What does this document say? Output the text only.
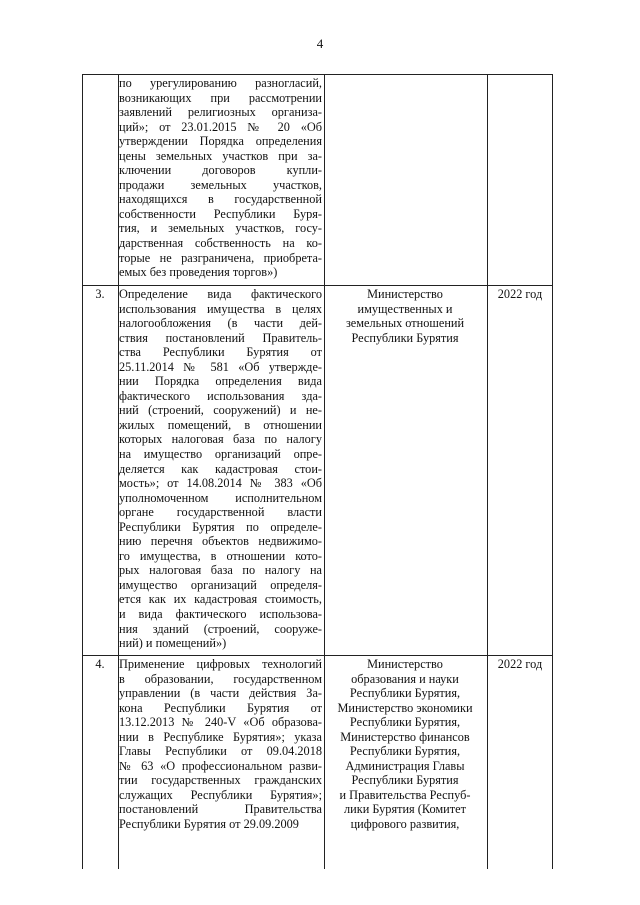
4
по урегулированию разногласий,
возникающих при рассмотрении
заявлений религиозных организа-
ций»; от 23.01.2015 № 20 «Об
утверждении Порядка определения
цены земельных участков при за-
ключении договоров купли-
продажи земельных участков,
находящихся в государственной
собственности Республики Буря-
тия, и земельных участков, госу-
дарственная собственность на ко-
торые не разграничена, приобрета-
емых без проведения торгов»)
3.	Определение вида фактического
использования имущества в целях
налогообложения (в части дей-
ствия постановлений Правитель-
ства Республики Бурятия от
25.11.2014 № 581 «Об утвержде-
нии Порядка определения вида
фактического использования зда-
ний (строений, сооружений) и не-
жилых помещений, в отношении
которых налоговая база по налогу
на имущество организаций опре-
деляется как кадастровая стои-
мость»; от 14.08.2014 № 383 «Об
уполномоченном исполнительном
органе государственной власти
Республики Бурятия по определе-
нию перечня объектов недвижимо-
го имущества, в отношении кото-
рых налоговая база по налогу на
имущество организаций определя-
ется как их кадастровая стоимость,
и вида фактического использова-
ния зданий (строений, сооруже-
ний) и помещений»)
Министерство
имущественных и
земельных отношений
Республики Бурятия
2022 год
4.	Применение цифровых технологий
в образовании, государственном
управлении (в части действия За-
кона Республики Бурятия от
13.12.2013 № 240-V «Об образова-
нии в Республике Бурятия»; указа
Главы Республики от 09.04.2018
№ 63 «О профессиональном разви-
тии государственных гражданских
служащих Республики Бурятия»;
постановлений Правительства
Республики Бурятия от 29.09.2009
Министерство
образования и науки
Республики Бурятия,
Министерство экономики
Республики Бурятия,
Министерство финансов
Республики Бурятия,
Администрация Главы
Республики Бурятия
и Правительства Респуб-
лики Бурятия (Комитет
цифрового развития,
2022 год
